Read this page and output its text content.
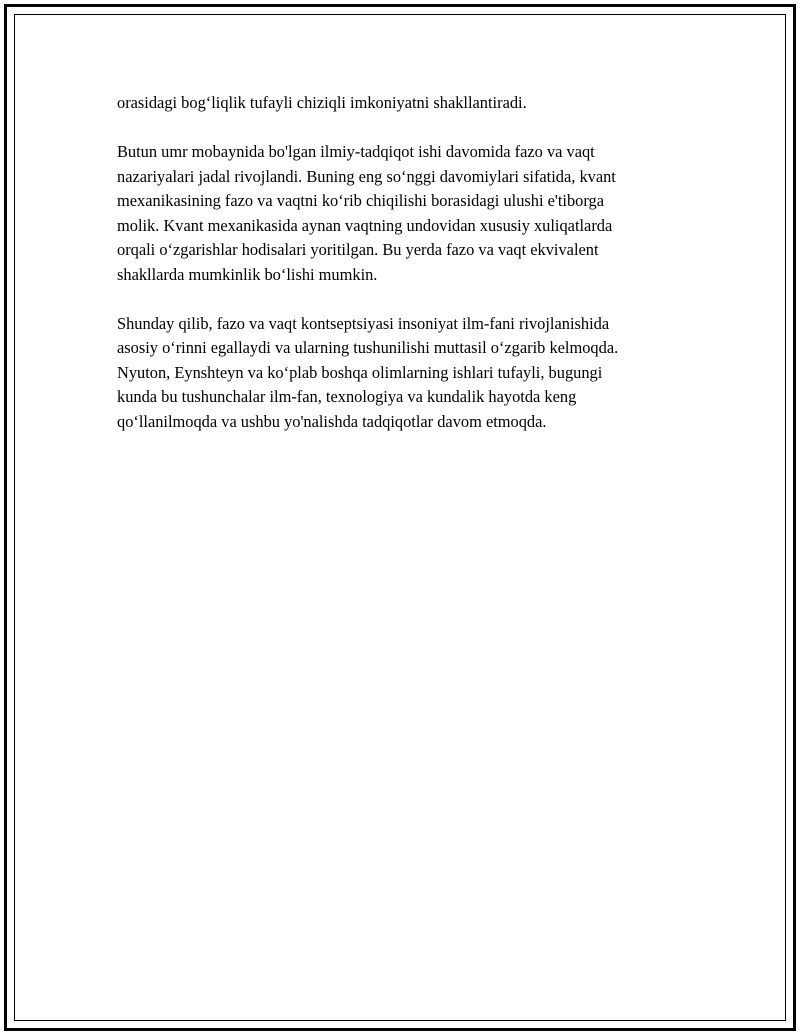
orasidagi bog‘liqlik tufayli chiziqli imkoniyatni shakllantiradi.

Butun umr mobaynida bo'lgan ilmiy-tadqiqot ishi davomida fazo va vaqt
nazariyalari jadal rivojlandi. Buning eng so‘nggi davomiylari sifatida, kvant
mexanikasining fazo va vaqtni ko‘rib chiqilishi borasidagi ulushi e'tiborga
molik. Kvant mexanikasida aynan vaqtning undovidan xususiy xuliqatlarda
orqali o‘zgarishlar hodisalari yoritilgan. Bu yerda fazo va vaqt ekvivalent
shakllarda mumkinlik bo‘lishi mumkin.

Shunday qilib, fazo va vaqt kontseptsiyasi insoniyat ilm-fani rivojlanishida
asosiy o‘rinni egallaydi va ularning tushunilishi muttasil o‘zgarib kelmoqda.
Nyuton, Eynshteyn va ko‘plab boshqa olimlarning ishlari tufayli, bugungi
kunda bu tushunchalar ilm-fan, texnologiya va kundalik hayotda keng
qo‘llanilmoqda va ushbu yo'nalishda tadqiqotlar davom etmoqda.
